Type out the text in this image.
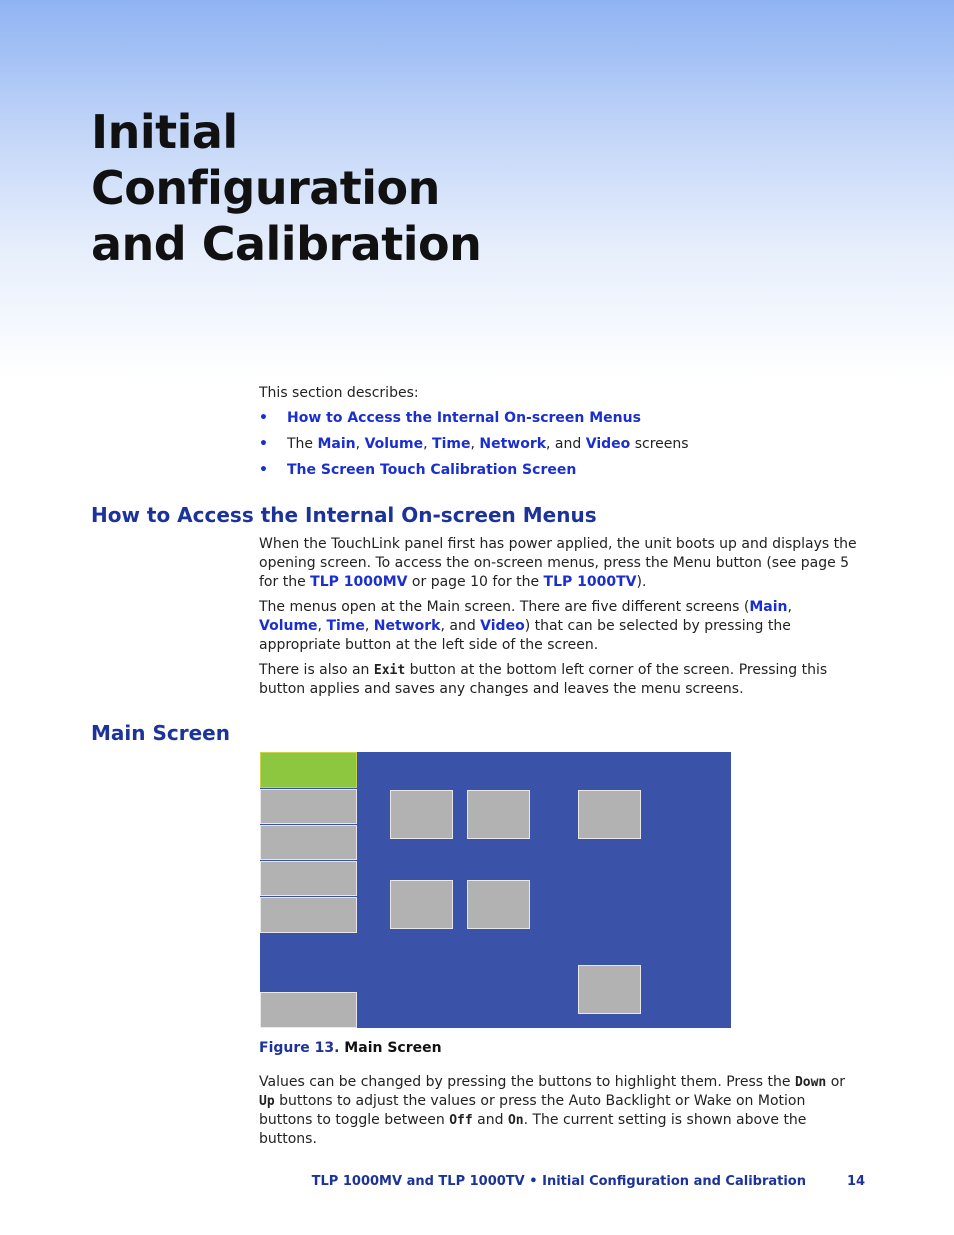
Initial
Configuration
and Calibration

This section describes:

• How to Access the Internal On-screen Menus
• The Main, Volume, Time, Network, and Video screens
• The Screen Touch Calibration Screen
How to Access the Internal On-screen Menus

When the TouchLink panel first has power applied, the unit boots up and displays the opening screen. To access the on-screen menus, press the Menu button (see page 5 for the TLP 1000MV or page 10 for the TLP 1000TV).

The menus open at the Main screen. There are five different screens (Main, Volume, Time, Network, and Video) that can be selected by pressing the appropriate button at the left side of the screen.

There is also an Exit button at the bottom left corner of the screen. Pressing this button applies and saves any changes and leaves the menu screens.

Main Screen
Figure 13. Main Screen

Values can be changed by pressing the buttons to highlight them. Press the Down or Up buttons to adjust the values or press the Auto Backlight or Wake on Motion buttons to toggle between Off and On. The current setting is shown above the buttons.

TLP 1000MV and TLP 1000TV • Initial Configuration and Calibration	14
